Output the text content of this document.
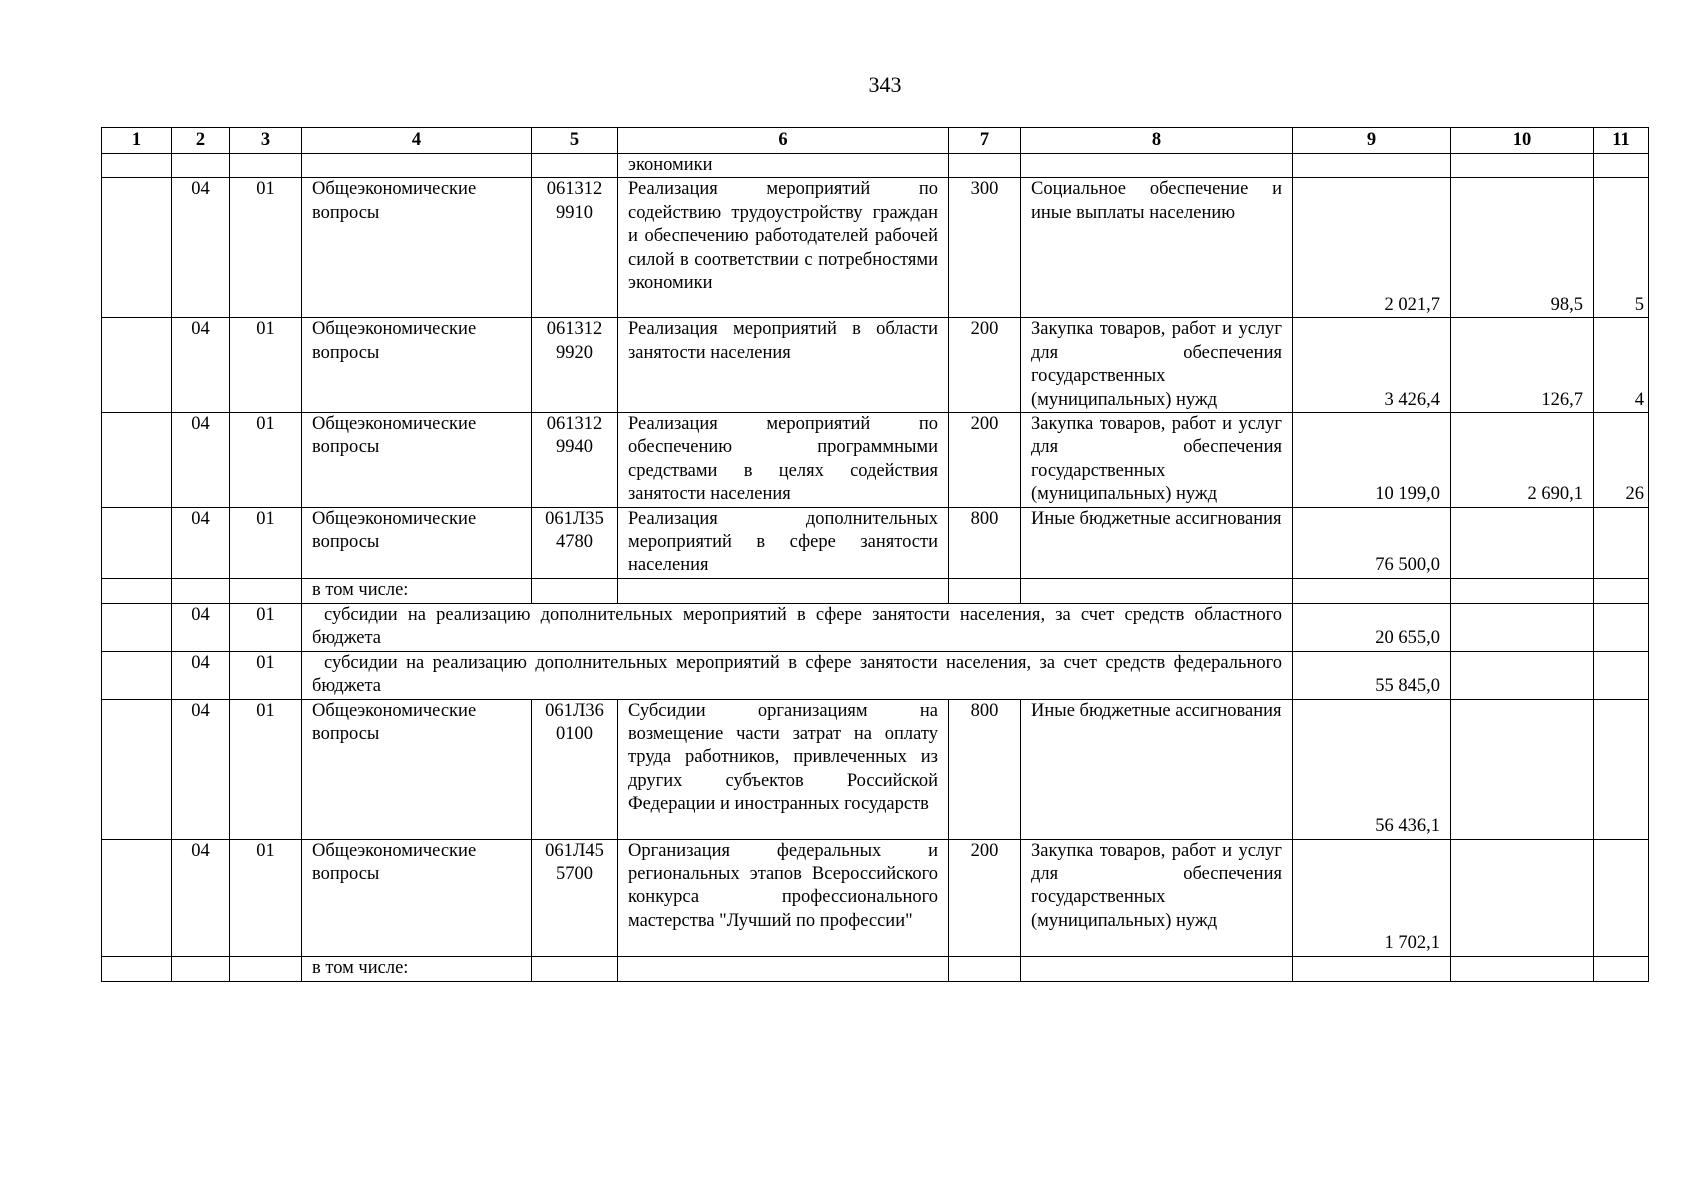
343
1	2	3	4	5	6	7	8	9	10	11
					экономики					
	04	01	Общеэкономические вопросы	061312 9910	Реализация мероприятий по содействию трудоустройству граждан и обеспечению работодателей рабочей силой в соответствии с потребностями экономики	300	Социальное обеспечение и иные выплаты населению	2 021,7	98,5	5
	04	01	Общеэкономические вопросы	061312 9920	Реализация мероприятий в области занятости населения	200	Закупка товаров, работ и услуг для обеспечения государственных (муниципальных) нужд	3 426,4	126,7	4
	04	01	Общеэкономические вопросы	061312 9940	Реализация мероприятий по обеспечению программными средствами в целях содействия занятости населения	200	Закупка товаров, работ и услуг для обеспечения государственных (муниципальных) нужд	10 199,0	2 690,1	26
	04	01	Общеэкономические вопросы	061Л35 4780	Реализация дополнительных мероприятий в сфере занятости населения	800	Иные бюджетные ассигнования	76 500,0		
			в том числе:							
	04	01	субсидии на реализацию дополнительных мероприятий в сфере занятости населения, за счет средств областного бюджета					20 655,0		
	04	01	субсидии на реализацию дополнительных мероприятий в сфере занятости населения, за счет средств федерального бюджета					55 845,0		
	04	01	Общеэкономические вопросы	061Л36 0100	Субсидии организациям на возмещение части затрат на оплату труда работников, привлеченных из других субъектов Российской Федерации и иностранных государств	800	Иные бюджетные ассигнования	56 436,1		
	04	01	Общеэкономические вопросы	061Л45 5700	Организация федеральных и региональных этапов Всероссийского конкурса профессионального мастерства "Лучший по профессии"	200	Закупка товаров, работ и услуг для обеспечения государственных (муниципальных) нужд	1 702,1		
			в том числе:							
